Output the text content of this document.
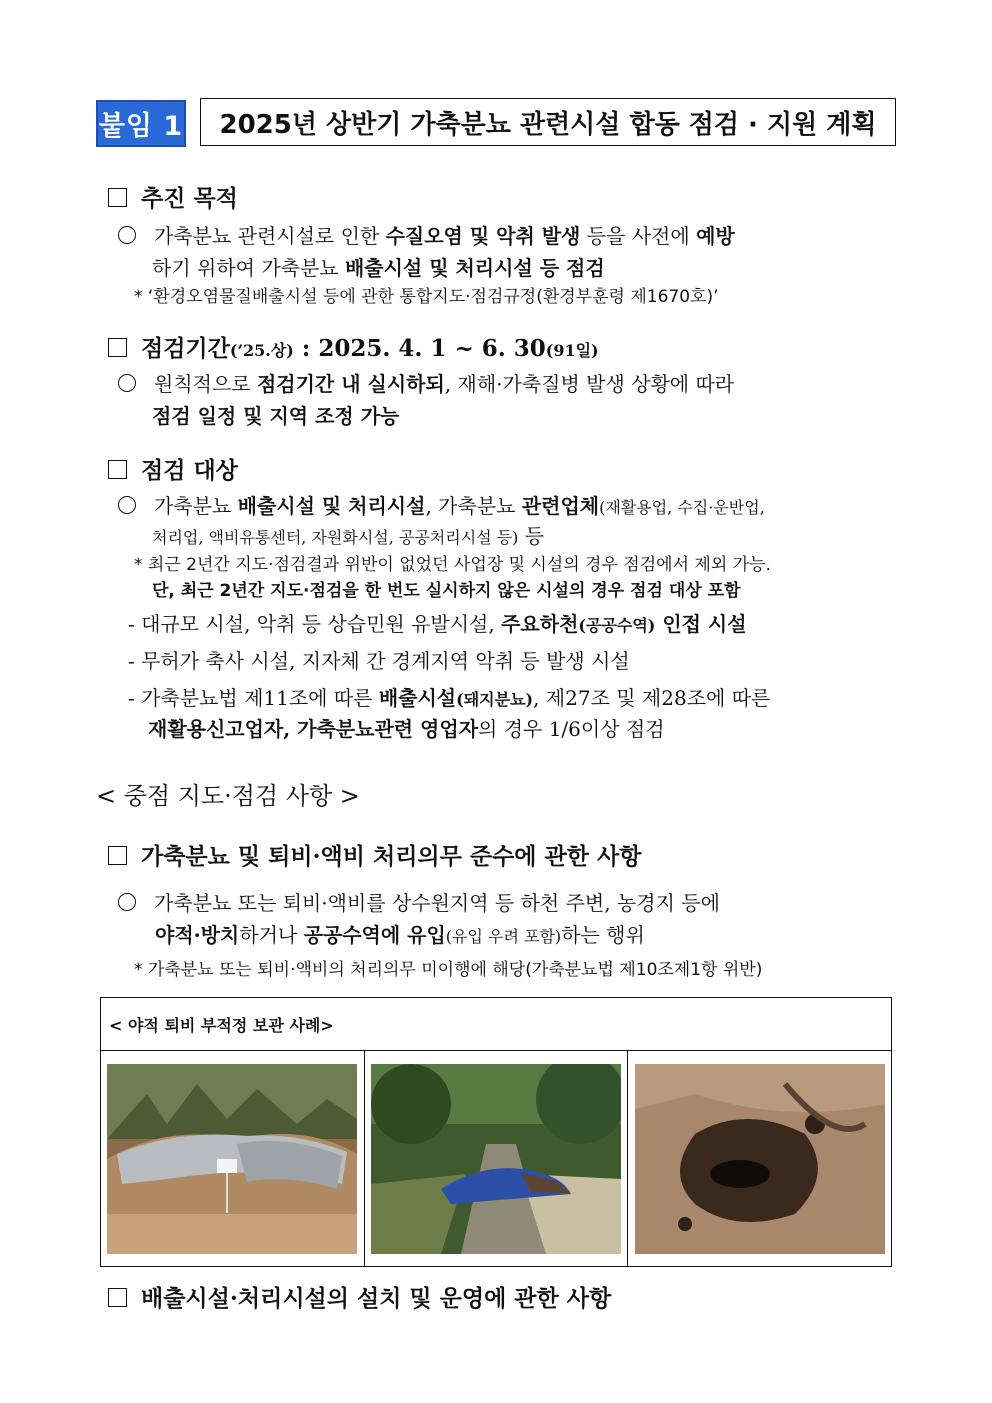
붙임 1 2025년 상반기 가축분뇨 관련시설 합동 점검 · 지원 계획
추진 목적
가축분뇨 관련시설로 인한 수질오염 및 악취 발생 등을 사전에 예방
하기 위하여 가축분뇨 배출시설 및 처리시설 등 점검
* ‘환경오염물질배출시설 등에 관한 통합지도·점검규정(환경부훈령 제1670호)’
점검기간(’25.상) : 2025. 4. 1 ~ 6. 30(91일)
원칙적으로 점검기간 내 실시하되, 재해·가축질병 발생 상황에 따라
점검 일정 및 지역 조정 가능
점검 대상
가축분뇨 배출시설 및 처리시설, 가축분뇨 관련업체(재활용업, 수집·운반업,
처리업, 액비유통센터, 자원화시설, 공공처리시설 등) 등
* 최근 2년간 지도·점검결과 위반이 없었던 사업장 및 시설의 경우 점검에서 제외 가능.
단, 최근 2년간 지도·점검을 한 번도 실시하지 않은 시설의 경우 점검 대상 포함
- 대규모 시설, 악취 등 상습민원 유발시설, 주요하천(공공수역) 인접 시설
- 무허가 축사 시설, 지자체 간 경계지역 악취 등 발생 시설
- 가축분뇨법 제11조에 따른 배출시설(돼지분뇨), 제27조 및 제28조에 따른
재활용신고업자, 가축분뇨관련 영업자의 경우 1/6이상 점검
< 중점 지도·점검 사항 >
가축분뇨 및 퇴비·액비 처리의무 준수에 관한 사항
가축분뇨 또는 퇴비·액비를 상수원지역 등 하천 주변, 농경지 등에
야적·방치하거나 공공수역에 유입(유입 우려 포함)하는 행위
* 가축분뇨 또는 퇴비·액비의 처리의무 미이행에 해당(가축분뇨법 제10조제1항 위반)
< 야적 퇴비 부적정 보관 사례>
배출시설·처리시설의 설치 및 운영에 관한 사항
